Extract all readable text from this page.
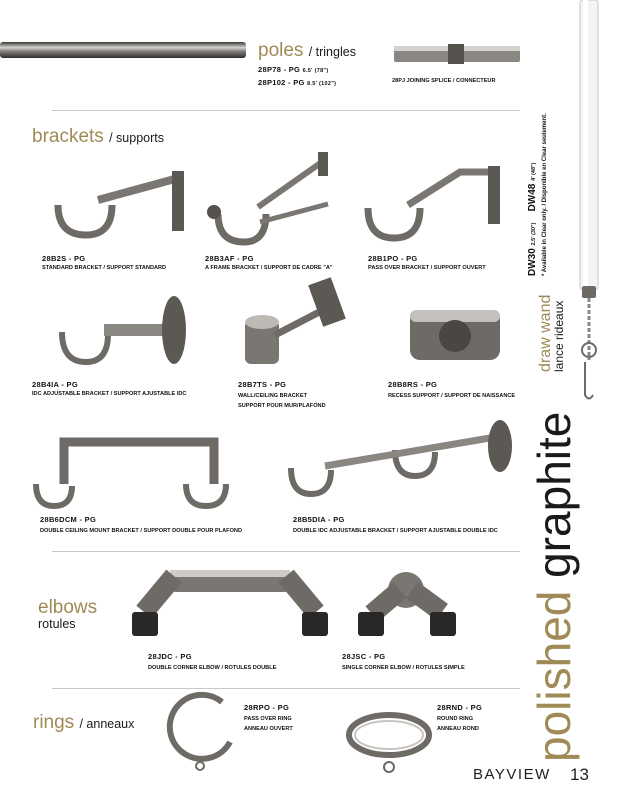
poles / tringles
28P78 - PG 6.5' (78")
28P102 - PG 8.5' (102")	28PJ JOINING SPLICE / CONNECTEUR
brackets / supports
28B2S - PG
STANDARD BRACKET / SUPPORT STANDARD
28B3AF - PG
A FRAME BRACKET / SUPPORT DE CADRE "A"
28B1PO - PG
PASS OVER BRACKET / SUPPORT OUVERT
28B4IA - PG
IDC ADJUSTABLE BRACKET / SUPPORT AJUSTABLE IDC
28B7TS - PG
WALL/CEILING BRACKET
SUPPORT POUR MUR/PLAFOND
28B8RS - PG
RECESS SUPPORT / SUPPORT DE NAISSANCE
28B6DCM - PG
DOUBLE CEILING MOUNT BRACKET / SUPPORT DOUBLE POUR PLAFOND
28B5DIA - PG
DOUBLE IDC ADJUSTABLE BRACKET / SUPPORT AJUSTABLE DOUBLE IDC
elbows
rotules
28JDC - PG
DOUBLE CORNER ELBOW / ROTULES DOUBLE
28JSC - PG
SINGLE CORNER ELBOW / ROTULES SIMPLE
rings / anneaux
28RPO - PG
PASS OVER RING
ANNEAU OUVERT
28RND - PG
ROUND RING
ANNEAU ROND
DW30 2.5' (30")    DW48 4' (48") * Available in Clear only. / Disponible en Clear seulement.
draw wand
lance rideaux
polished graphite
BAYVIEW 13
